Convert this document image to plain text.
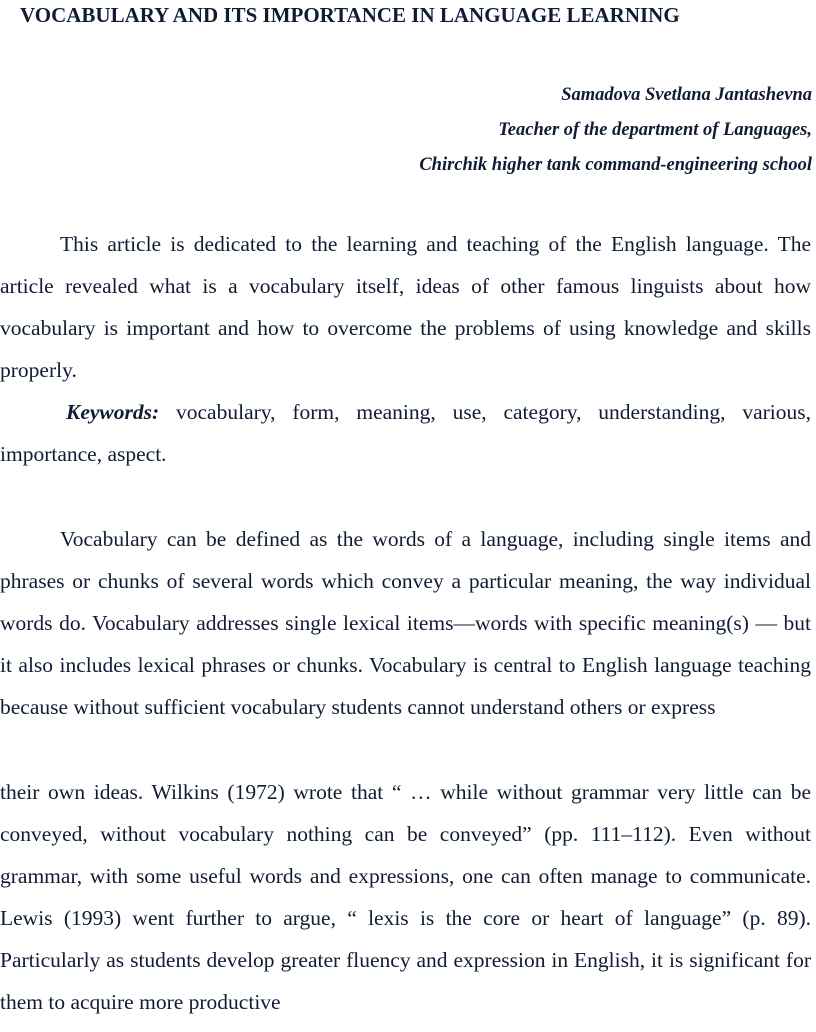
VOCABULARY AND ITS IMPORTANCE IN LANGUAGE LEARNING
Samadova Svetlana Jantashevna
Teacher of the department of Languages,
Chirchik higher tank command-engineering school
This article is dedicated to the learning and teaching of the English language. The article revealed what is a vocabulary itself, ideas of other famous linguists about how vocabulary is important and how to overcome the problems of using knowledge and skills properly.
Keywords: vocabulary, form, meaning, use, category, understanding, various, importance, aspect.
Vocabulary can be defined as the words of a language, including single items and phrases or chunks of several words which convey a particular meaning, the way individual words do. Vocabulary addresses single lexical items—words with specific meaning(s) — but it also includes lexical phrases or chunks. Vocabulary is central to English language teaching because without sufficient vocabulary students cannot understand others or express
their own ideas. Wilkins (1972) wrote that “ … while without grammar very little can be conveyed, without vocabulary nothing can be conveyed” (pp. 111–112). Even without grammar, with some useful words and expressions, one can often manage to communicate. Lewis (1993) went further to argue, “ lexis is the core or heart of language” (p. 89). Particularly as students develop greater fluency and expression in English, it is significant for them to acquire more productive
